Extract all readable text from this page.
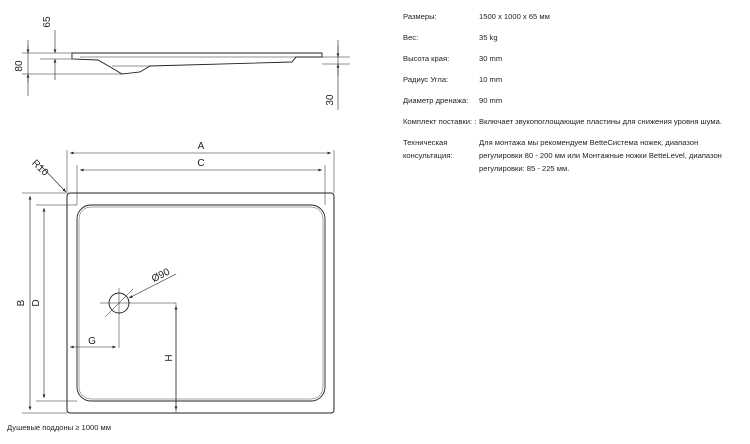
65
80
30
A
C
B D
G
H
R10
Ø90
Размеры:	1500 x 1000 x 65 мм
Вес:	35 kg
Высота края:	30 mm
Радиус Угла:	10 mm
Диаметр дренажа:	90 mm
Комплект поставки: : Включает звукопоглощающие пластины для снижения уровня шума.
Техническая консультация:
Для монтажа мы рекомендуем BetteСистема ножек, диапазон регулировки 80 - 200 мм или Монтажные ножки BetteLevel, диапазон регулировки: 85 - 225 мм.
Душевые поддоны ≥ 1000 мм
